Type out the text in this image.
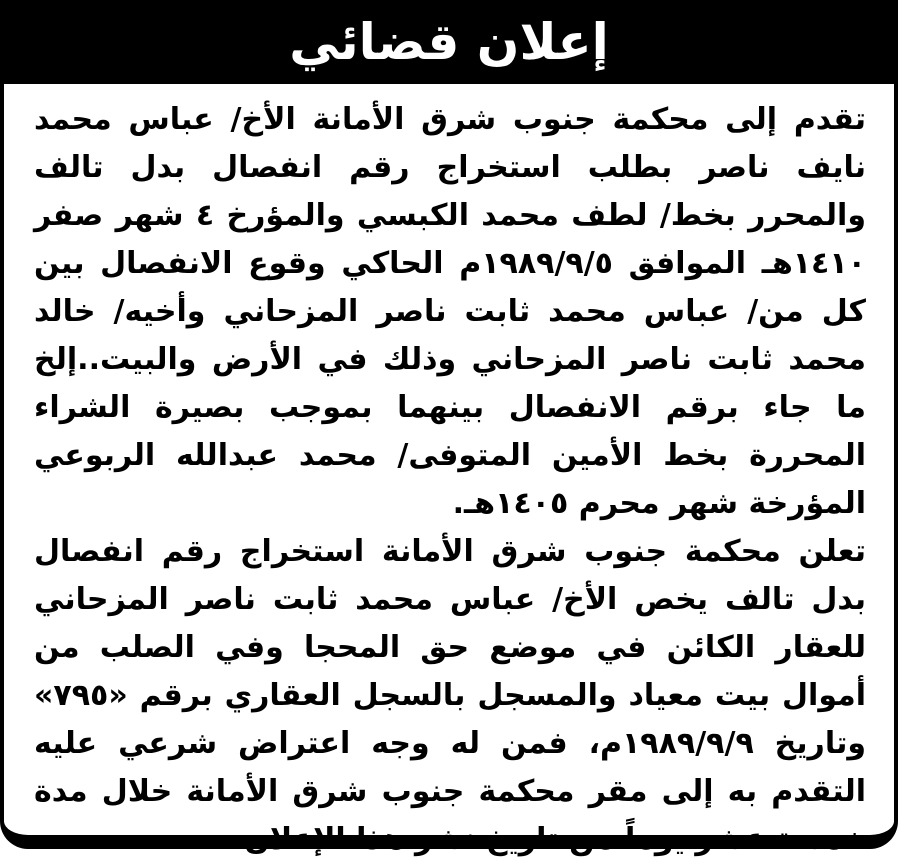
إعلان قضائي

تقدم إلى محكمة جنوب شرق الأمانة الأخ/ عباس محمد نايف ناصر بطلب استخراج رقم انفصال بدل تالف والمحرر بخط/ لطف محمد الكبسي والمؤرخ ٤ شهر صفر ١٤١٠هـ الموافق ١٩٨٩/٩/٥م الحاكي وقوع الانفصال بين كل من/ عباس محمد ثابت ناصر المزحاني وأخيه/ خالد محمد ثابت ناصر المزحاني وذلك في الأرض والبيت..إلخ ما جاء برقم الانفصال بينهما بموجب بصيرة الشراء المحررة بخط الأمين المتوفى/ محمد عبدالله الربوعي المؤرخة شهر محرم ١٤٠٥هـ.

تعلن محكمة جنوب شرق الأمانة استخراج رقم انفصال بدل تالف يخص الأخ/ عباس محمد ثابت ناصر المزحاني للعقار الكائن في موضع حق المحجا وفي الصلب من أموال بيت معياد والمسجل بالسجل العقاري برقم «٧٩٥» وتاريخ ١٩٨٩/٩/٩م، فمن له وجه اعتراض شرعي عليه التقدم به إلى مقر محكمة جنوب شرق الأمانة خلال مدة خمسة عشر يوماً من تاريخ نشر هذا الإعلان.
